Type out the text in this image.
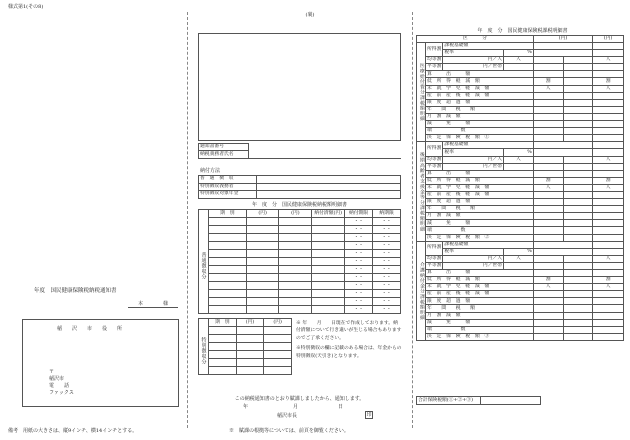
様式第1(その8)
年度　国民健康保険税納税通知書
本　　　　様
稲　　沢　　市　　役　　所
〒
稲沢市
電　　話
ファックス
備考　用紙の大きさは、縦9インチ、横14インチとする。
(裏)
通知書番号	
納税義務者氏名	
納付方法
普　通　徴　収	
特別徴収義務者	
特別徴収対象年金	
年　度　分　国民健康保険税納税額明細書
	期　別	(円)	(円)	納付済額(円)	納付期限	納期限
普通徴収分					・・	・・
					・・	・・
					・・	・・
					・・	・・
					・・	・・
					・・	・・
					・・	・・
					・・	・・
					・・	・・
					・・	・・
					・・	・・
					・・	・・
	期　別	(円)	(円)
特別徴収分			

※ 年　　月　　日現在で作成しております。納付済額について行き違いが生じる場合もありますのでご了承ください。
※特別徴収の欄に記載のある場合は、年金からの特別徴収(天引き)となります。
この納税通知書のとおり賦課しましたから、通知します。
年	月	日
稲沢市長	印
※　賦課の根拠等については、前頁を御覧ください。
年　度　分　国民健康保険税課税明細書
区　　　分				(円)		(円)
医療給付費分課税額明細	所得割	課税基礎額				
		税率	%			
	均等割	円／人	人			人
	平等割	円／世帯				
	算　　　出　　　額					
	低　所　得　軽　減　額			割		割
	未　就　学　児　軽　減　額			人		人
	産　前　産　後　軽　減　額					
	限　度　超　過　額					
	年　　間　　税　　額					
	月　割　減　額					
	減　　　免　　　額					
	端　　　　　　数					
	決　定　保　険　税　額　①					
後期高齢者支援金等分課税額明細	所得割	課税基礎額				
		税率	%			
	均等割	円／人	人			人
	平等割	円／世帯				
	算　　　出　　　額					
	低　所　得　軽　減　額			割		割
	未　就　学　児　軽　減　額			人		人
	産　前　産　後　軽　減　額					
	限　度　超　過　額					
	年　　間　　税　　額					
	月　割　減　額					
	減　　　免　　　額					
	端　　　　　　数					
	決　定　保　険　税　額　②					
介護納付金分課税額明細	所得割	課税基礎額				
		税率	%			
	均等割	円／人	人			人
	平等割	円／世帯				
	算　　　出　　　額					
	低　所　得　軽　減　額			割		割
	未　就　学　児　軽　減　額			人		人
	産　前　産　後　軽　減　額					
	限　度　超　過　額					
	年　　間　　税　　額					
	月　割　減　額					
	減　　　免　　　額					
	端　　　　　　数					
	決　定　保　険　税　額　③					
合計保険税額(①+②+③)		
